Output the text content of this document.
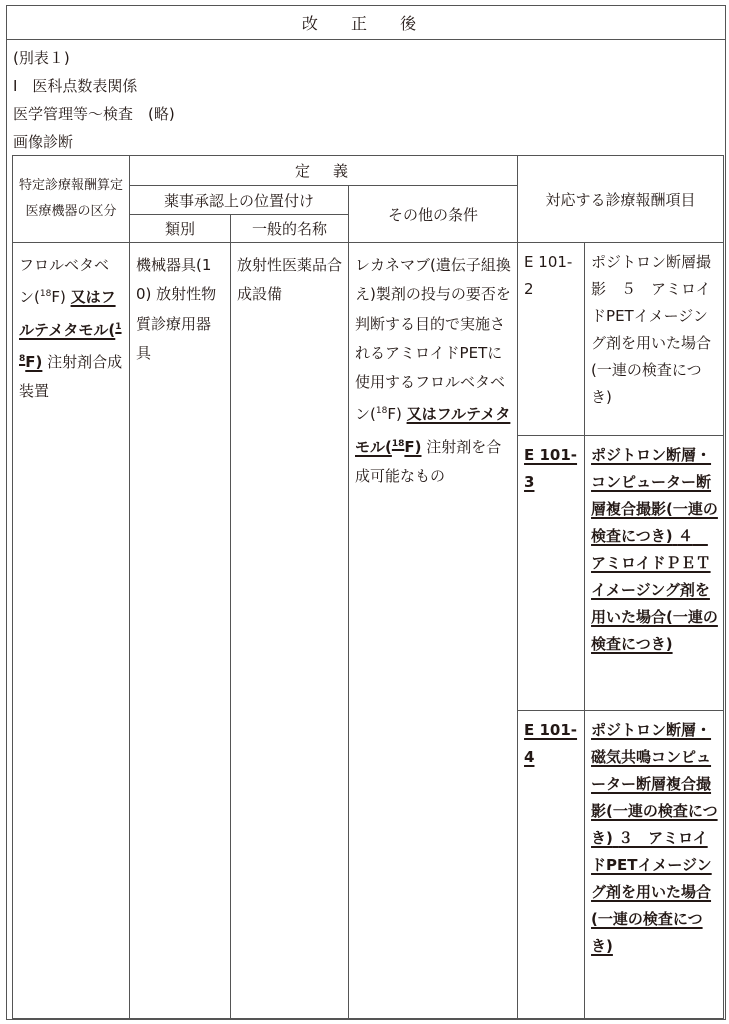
改 正 後
(別表１)
Ⅰ　医科点数表関係
医学管理等～検査　(略)
画像診断
特定診療報酬算定医療機器の区分	定　義			対応する診療報酬項目	
	薬事承認上の位置付け		その他の条件		
	類別	一般的名称			

フロルベタベン($^{18}$F) 又はフルテメタモル($^{18}$F) 注射剤合成装置	機械器具(10) 放射性物質診療用器具	放射性医薬品合成設備	レカネマブ(遺伝子組換え)製剤の投与の要否を判断する目的で実施されるアミロイドPETに使用するフロルベタベン($^{18}$F) 又はフルテメタモル($^{18}$F) 注射剤を合成可能なもの	E 101-2	ポジトロン断層撮影　５　アミロイドPETイメージング剤を用いた場合(一連の検査につき)

				E 101-3	ポジトロン断層・コンピューター断層複合撮影(一連の検査につき) ４　アミロイドＰＥＴイメージング剤を用いた場合(一連の検査につき)

				E 101-4	ポジトロン断層・磁気共鳴コンピューター断層複合撮影(一連の検査につき) ３　アミロイドPETイメージング剤を用いた場合(一連の検査につき)
